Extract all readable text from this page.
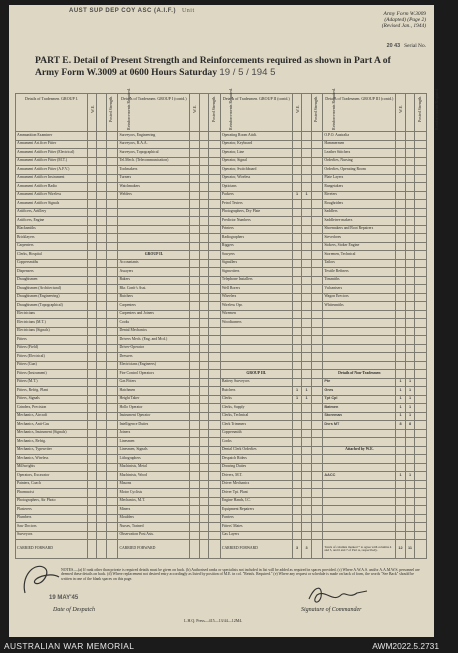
AUST SUP DEP COY ASC (A.I.F.) Unit	Army Form W.3009
(Adapted) (Page 2)
(Revised Jan., 1944)
20 43 Serial No.
PART E. Detail of Present Strength and Reinforcements required as shown in Part A of Army Form W.3009 at 0600 Hours Saturday 19 / 5 / 194 5
Details of Tradesmen. GROUP I.	W.E.	Posted Strength.	Reinforcements Required.	Details of Tradesmen. GROUP I (contd.)	W.E.	Posted Strength.	Reinforcements Required.	Details of Tradesmen. GROUP II (contd.)	W.E.	Posted Strength.	Reinforcements Required.	Details of Tradesmen. GROUP III (contd.)	W.E.	Posted Strength.	Reinforcements Required.
Ammunition Examiner				Surveyors, Engineering				Operating Room Attdt.				O.P.O. Australia			
Armament Art.ficer Fitter				Surveyors, R.A.A.				Operator, Keyboard				Hammermen			
Armament Artificer Fitter (Electrical)				Surveyors, Topographical				Operator, Line				Leather Stitchers			
Armament Artificer Fitter (M.T.)				Tel.Mech. (Telecommunication)				Operator, Signal				Orderlies, Nursing			
Armament Artificer Fitter (A.F.V.)				Toolmakers				Operator, Switchboard				Orderlies, Operating Room			
Armament Artificer Instrument				Turners				Operator, Wireless				Plate Layers			
Armament Artificer Radio				Watchmakers				Opticians				Rangetakers			
Armament Artificer Wireless				Welders				Packers	1	1		Riveters			
Armament Artificer Signals								Petrol Testers				Roughriders			
Artificers, Artillery								Photographers, Dry Plate				Saddlers			
Artificers, Engine								Predictor Numbers				Saddletree makers			
Blacksmiths								Printers				Shoemakers and Boot Repairers			
Bricklayers								Radiographers				Stevedores			
Carpenters								Riggers				Stokers, Stoker Engine			
Clerks, Hospital				GROUP II.				Sawyers				Storemen, Technical			
Coppersmiths				Accountants				Signallers				Tailors			
Dispensers				Assayers				Signwriters				Textile Refiners			
Draughtsmen				Bakers				Telephone Installers				Tinsmiths			
Draughtsmen (Architectural)				Bkr. Confr's Asst.				Well Borers				Vulcanisers			
Draughtsmen (Engineering)				Butchers				Wheelers				Wagon Erectors			
Draughtsmen (Topographical)				Carpenters				Wireless Opr.				Whitesmiths			
Electricians				Carpenters and Joiners				Wiremen							
Electricians (M.T.)				Cooks				Woodturners							
Electricians (Signals)				Dental Mechanics											
Fitters				Drivers Mech. (Eng. and Mcd.)											
Fitters (Field)				Driver-Operator											
Fitters (Electrical)				Dressers											
Fitters (Gun)				Electricians (Engineers)											
Fitters (Instrument)				Fire Control Operators				GROUP III.				Details of Non-Tradesmen			
Fitters (M.T.)				Gas Fitters				Battery Surveyors				Pte	1	1	
Fitters, Refrig. Plant				Hatchmen				Butchers	1	1		Gnrs	1	1	
Fitters, Signals				Height Taker				Clerks	1	1		Tpt Cpl	1	1	
Grinders, Precision				Hollo Operator				Clerks, Supply				Batmen	1	1	
Mechanics, Aircraft				Instrument Operator				Clerks, Technical				Storeman	1	1	
Mechanics, Anti-Gas				Intelligence Duties				Clerk Trimmers				Dvrs MT	8	8	
Mechanics, Instrument (Signals)				Joiners				Coppersmith							
Mechanics, Refrig.				Linesmen				Cooks							
Mechanics, Typewriter				Linesmen, Signals				Dental Clerk Orderlies				Attached by W.E.			
Mechanics, Wireless				Lithographers				Despatch Riders							
Millwrights				Machinists, Metal				Drawing Duties							
Operators, Excavator				Machinists, Wood				Drivers, M.T.				AACC	1	1	
Painters, Coach				Masons				Driver Mechanics							
Pharmacist				Motor Cyclists				Driver Tpt. Plant							
Photographers, Air Photo				Mechanics, M.T.				Engine Hands, I.C.							
Plasterers				Miners				Equipment Repairers							
Plumbers				Moulders				Farriers							
Saw Doctors				Nurses, Trained				Fitters' Mates							
Surveyors				Observation Post Asts.				Gas Layers							
CARRIED FORWARD				CARRIED FORWARD				CARRIED FORWARD	3	3		Totals of columns marked * to agree with columns 4 and 5, and 6 and 7 of Part A, respectively.	12	11	
NOTES.—(a) If rank other than private is required details must be given on back. (b) Authorised ranks or specialists not included in list will be added as required in spaces provided. (c) Where A.W.A.S. and/or A.A.M.W.S. personnel are deemed these details on back. (d) Where replacement not desired entry accordingly as listed by position of M.E. in col. "Reinfs. Required." (e) Where any request or schedule is made on back of form, the words "See Back" should be written in one of the blank spaces on this page.
19 MAY'45
Date of Despatch	Signature of Commander
L.H.Q. Press—415—13/44—12M4.
AUSTRALIAN WAR MEMORIAL	AWM2022.5.2731
